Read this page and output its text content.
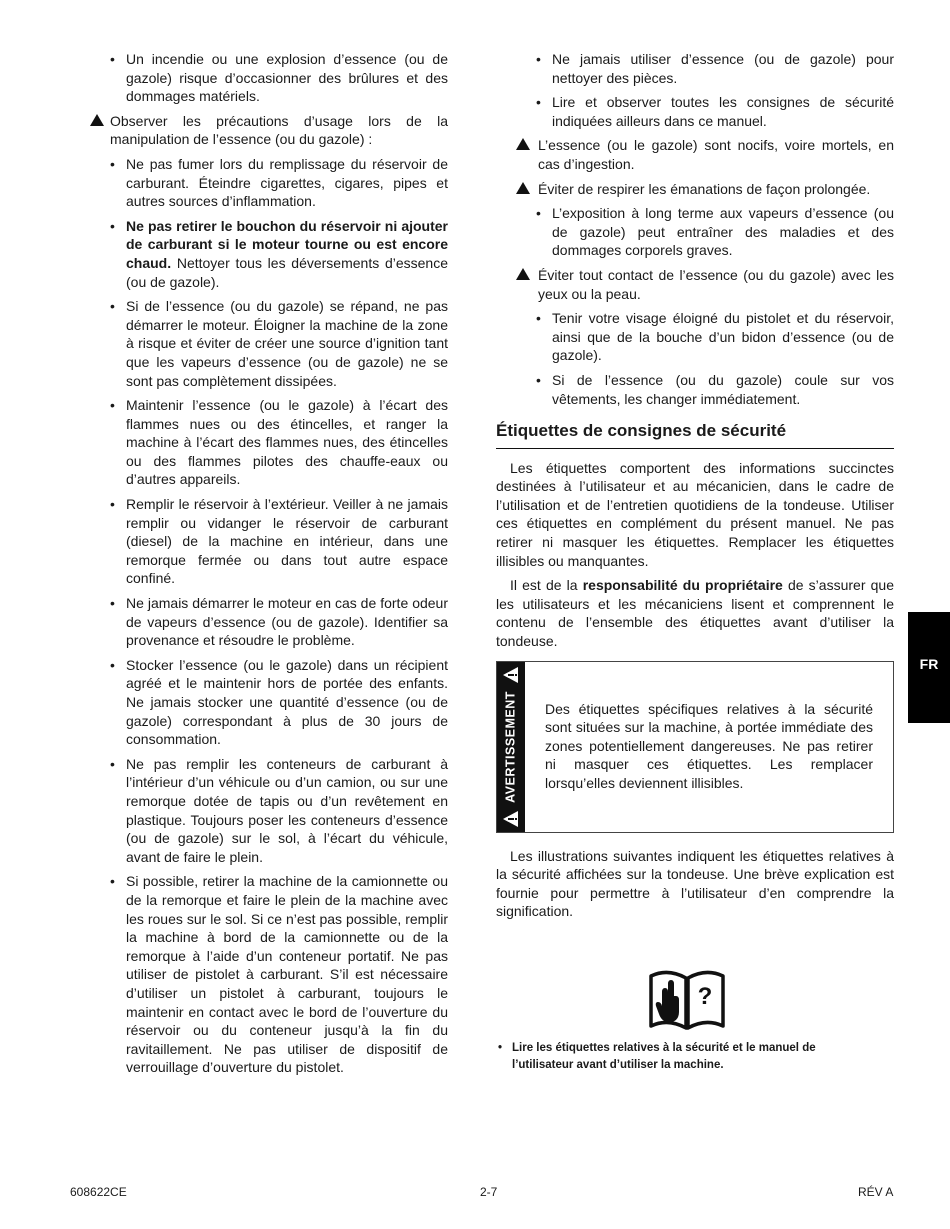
• Un incendie ou une explosion d’essence (ou de gazole) risque d’occasionner des brûlures et des dommages matériels.
Observer les précautions d’usage lors de la manipulation de l’essence (ou du gazole) :
• Ne pas fumer lors du remplissage du réservoir de carburant. Éteindre cigarettes, cigares, pipes et autres sources d’inflammation.
• Ne pas retirer le bouchon du réservoir ni ajouter de carburant si le moteur tourne ou est encore chaud. Nettoyer tous les déversements d’essence (ou de gazole).
• Si de l’essence (ou du gazole) se répand, ne pas démarrer le moteur. Éloigner la machine de la zone à risque et éviter de créer une source d’ignition tant que les vapeurs d’essence (ou de gazole) ne se sont pas complètement dissipées.
• Maintenir l’essence (ou le gazole) à l’écart des flammes nues ou des étincelles, et ranger la machine à l’écart des flammes nues, des étincelles ou des flammes pilotes des chauffe-eaux ou d’autres appareils.
• Remplir le réservoir à l’extérieur. Veiller à ne jamais remplir ou vidanger le réservoir de carburant (diesel) de la machine en intérieur, dans une remorque fermée ou dans tout autre espace confiné.
• Ne jamais démarrer le moteur en cas de forte odeur de vapeurs d’essence (ou de gazole). Identifier sa provenance et résoudre le problème.
• Stocker l’essence (ou le gazole) dans un récipient agréé et le maintenir hors de portée des enfants. Ne jamais stocker une quantité d’essence (ou de gazole) correspondant à plus de 30 jours de consommation.
• Ne pas remplir les conteneurs de carburant à l’intérieur d’un véhicule ou d’un camion, ou sur une remorque dotée de tapis ou d’un revêtement en plastique. Toujours poser les conteneurs d’essence (ou de gazole) sur le sol, à l’écart du véhicule, avant de faire le plein.
• Si possible, retirer la machine de la camionnette ou de la remorque et faire le plein de la machine avec les roues sur le sol. Si ce n’est pas possible, remplir la machine à bord de la camionnette ou de la remorque à l’aide d’un conteneur portatif. Ne pas utiliser de pistolet à carburant. S’il est nécessaire d’utiliser un pistolet à carburant, toujours le maintenir en contact avec le bord de l’ouverture du réservoir ou du conteneur jusqu’à la fin du ravitaillement. Ne pas utiliser de dispositif de verrouillage d’ouverture du pistolet.
• Ne jamais utiliser d’essence (ou de gazole) pour nettoyer des pièces.
• Lire et observer toutes les consignes de sécurité indiquées ailleurs dans ce manuel.
L’essence (ou le gazole) sont nocifs, voire mortels, en cas d’ingestion.
Éviter de respirer les émanations de façon prolongée.
• L’exposition à long terme aux vapeurs d’essence (ou de gazole) peut entraîner des maladies et des dommages corporels graves.
Éviter tout contact de l’essence (ou du gazole) avec les yeux ou la peau.
• Tenir votre visage éloigné du pistolet et du réservoir, ainsi que de la bouche d’un bidon d’essence (ou de gazole).
• Si de l’essence (ou du gazole) coule sur vos vêtements, les changer immédiatement.
Étiquettes de consignes de sécurité

Les étiquettes comportent des informations succinctes destinées à l’utilisateur et au mécanicien, dans le cadre de l’utilisation et de l’entretien quotidiens de la tondeuse. Utiliser ces étiquettes en complément du présent manuel. Ne pas retirer ni masquer les étiquettes. Remplacer les étiquettes illisibles ou manquantes.

Il est de la responsabilité du propriétaire de s’assurer que les utilisateurs et les mécaniciens lisent et comprennent le contenu de l’ensemble des étiquettes avant d’utiliser la tondeuse.

AVERTISSEMENT Des étiquettes spécifiques relatives à la sécurité sont situées sur la machine, à portée immédiate des zones potentiellement dangereuses. Ne pas retirer ni masquer ces étiquettes. Les remplacer lorsqu’elles deviennent illisibles.

Les illustrations suivantes indiquent les étiquettes relatives à la sécurité affichées sur la tondeuse. Une brève explication est fournie pour permettre à l’utilisateur d’en comprendre la signification.

?
• Lire les étiquettes relatives à la sécurité et le manuel de l’utilisateur avant d’utiliser la machine.
FR
608622CE	2-7	RÉV A
